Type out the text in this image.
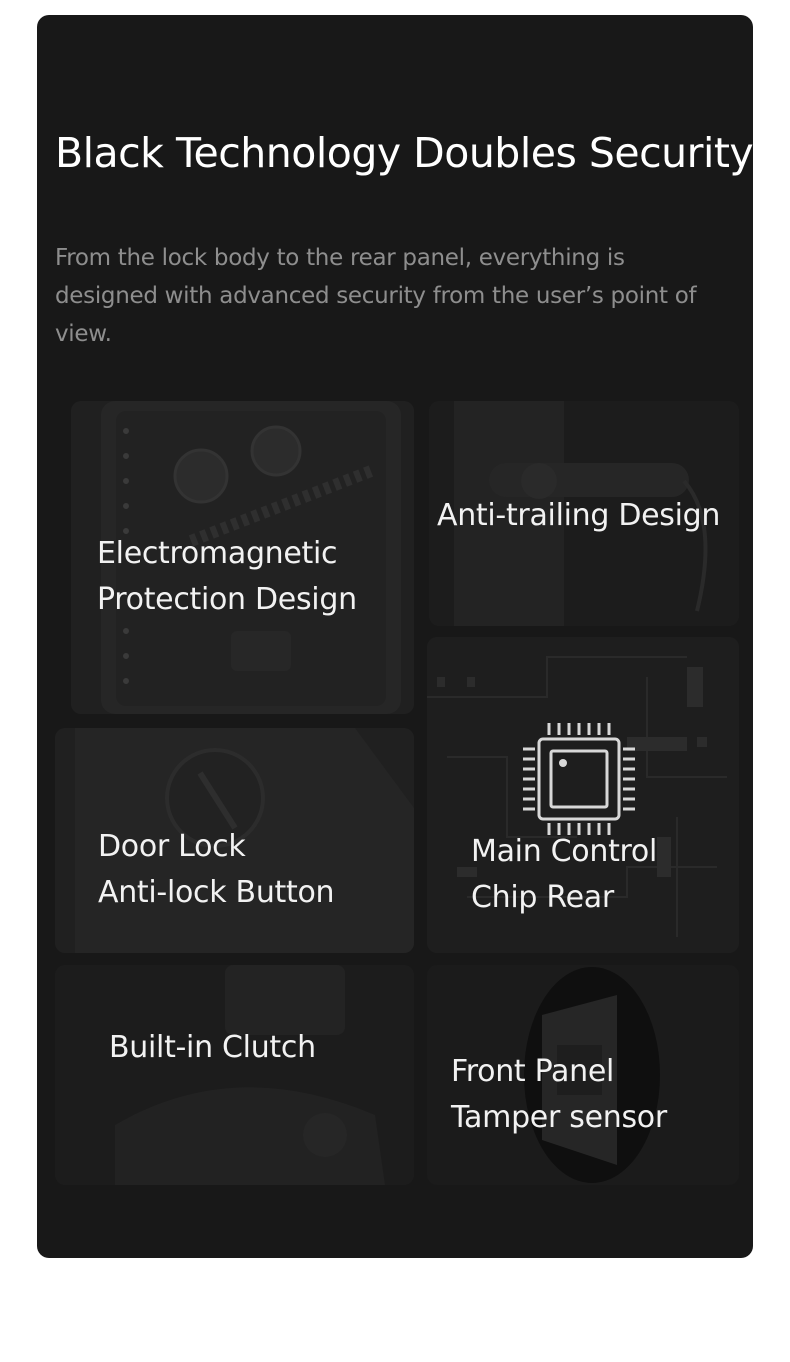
Black Technology Doubles Security

From the lock body to the rear panel, everything is designed with advanced security from the user’s point of view.

Electromagnetic
Protection Design
Anti-trailing Design
Main Control
Chip Rear
Door Lock
Anti-lock Button
Built-in Clutch
Front Panel
Tamper sensor
